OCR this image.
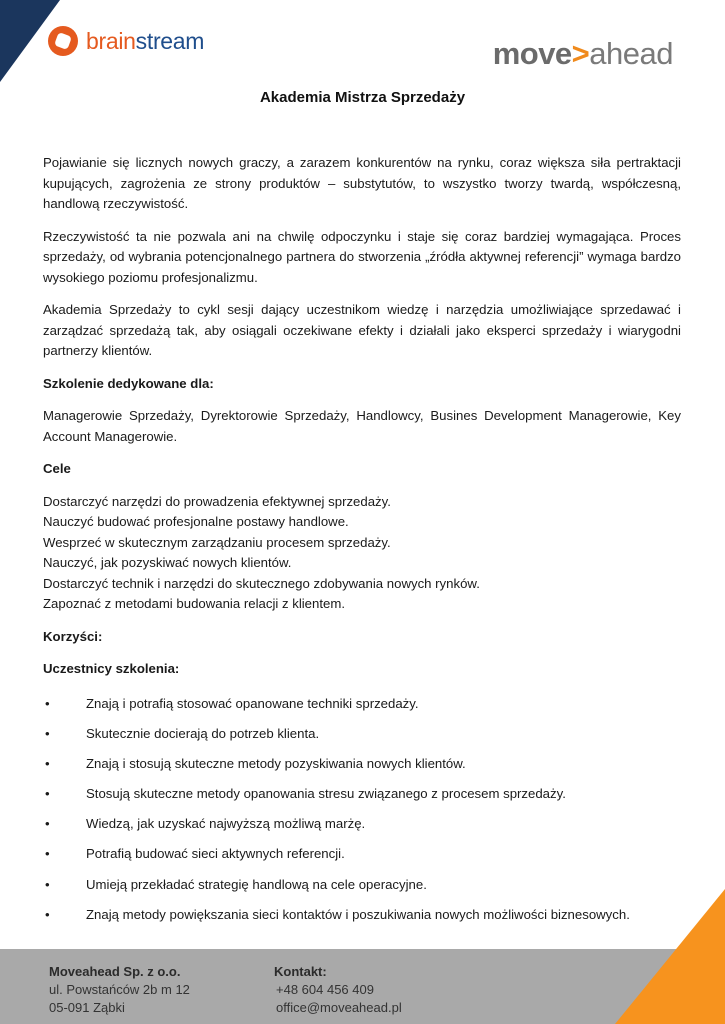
brainstream	move>ahead
Akademia Mistrza Sprzedaży

Pojawianie się licznych nowych graczy, a zarazem konkurentów na rynku, coraz większa siła pertraktacji kupujących, zagrożenia ze strony produktów – substytutów, to wszystko tworzy twardą, współczesną, handlową rzeczywistość.

Rzeczywistość ta nie pozwala ani na chwilę odpoczynku i staje się coraz bardziej wymagająca. Proces sprzedaży, od wybrania potencjonalnego partnera do stworzenia „źródła aktywnej referencji” wymaga bardzo wysokiego poziomu profesjonalizmu.

Akademia Sprzedaży to cykl sesji dający uczestnikom wiedzę i narzędzia umożliwiające sprzedawać i zarządzać sprzedażą tak, aby osiągali oczekiwane efekty i działali jako eksperci sprzedaży i wiarygodni partnerzy klientów.

Szkolenie dedykowane dla:

Managerowie Sprzedaży, Dyrektorowie Sprzedaży, Handlowcy, Busines Development Managerowie, Key Account Managerowie.

Cele

Dostarczyć narzędzi do prowadzenia efektywnej sprzedaży.
Nauczyć budować profesjonalne postawy handlowe.
Wesprzeć w skutecznym zarządzaniu procesem sprzedaży.
Nauczyć, jak pozyskiwać nowych klientów.
Dostarczyć technik i narzędzi do skutecznego zdobywania nowych rynków.
Zapoznać z metodami budowania relacji z klientem.

Korzyści:

Uczestnicy szkolenia:

•	Znają i potrafią stosować opanowane techniki sprzedaży.
•	Skutecznie docierają do potrzeb klienta.
•	Znają i stosują skuteczne metody pozyskiwania nowych klientów.
•	Stosują skuteczne metody opanowania stresu związanego z procesem sprzedaży.
•	Wiedzą, jak uzyskać najwyższą możliwą marżę.
•	Potrafią budować sieci aktywnych referencji.
•	Umieją przekładać strategię handlową na cele operacyjne.
•	Znają metody powiększania sieci kontaktów i poszukiwania nowych możliwości biznesowych.
Moveahead Sp. z o.o.
ul. Powstańców 2b m 12
05-091 Ząbki
Kontakt:
+48 604 456 409
office@moveahead.pl
